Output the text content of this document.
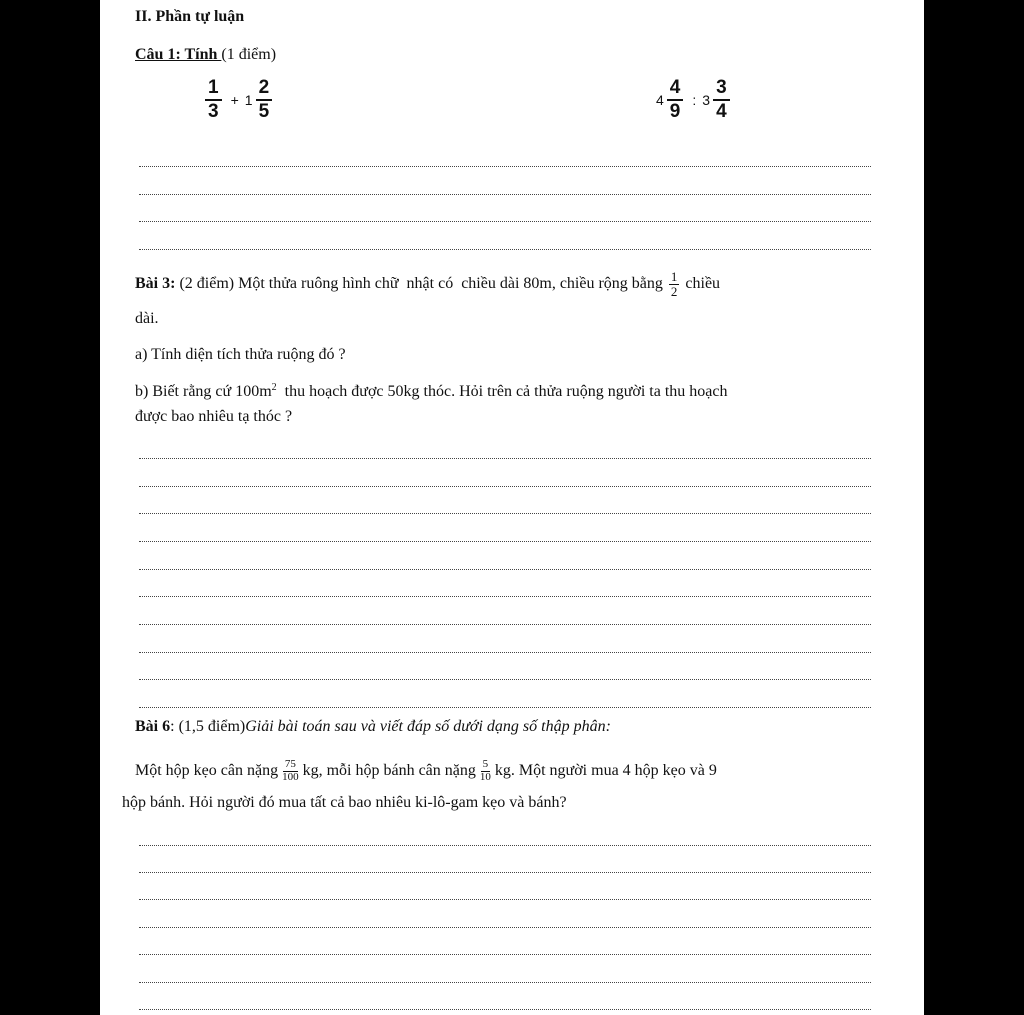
II. Phần tự luận
Câu 1: Tính (1 điểm)
$\frac{1}{3} + 1 \frac{2}{5}$	$4 \frac{4}{9}$ : $3 \frac{3}{4}$
Bài 3: (2 điểm) Một thửa ruông hình chữ  nhật có  chiều dài 80m, chiều rộng bằng $\frac{1}{2}$ chiều
dài.
a) Tính diện tích thửa ruộng đó ?
b) Biết rằng cứ $100m^2$  thu hoạch được 50kg thóc. Hỏi trên cả thửa ruộng người ta thu hoạch
được bao nhiêu tạ thóc ?
Bài 6: (1,5 điểm)Giải bài toán sau và viết đáp số dưới dạng số thập phân:
Một hộp kẹo cân nặng $\frac{75}{100}$ kg, mỗi hộp bánh cân nặng $\frac{5}{10}$ kg. Một người mua 4 hộp kẹo và 9
hộp bánh. Hỏi người đó mua tất cả bao nhiêu ki-lô-gam kẹo và bánh?
